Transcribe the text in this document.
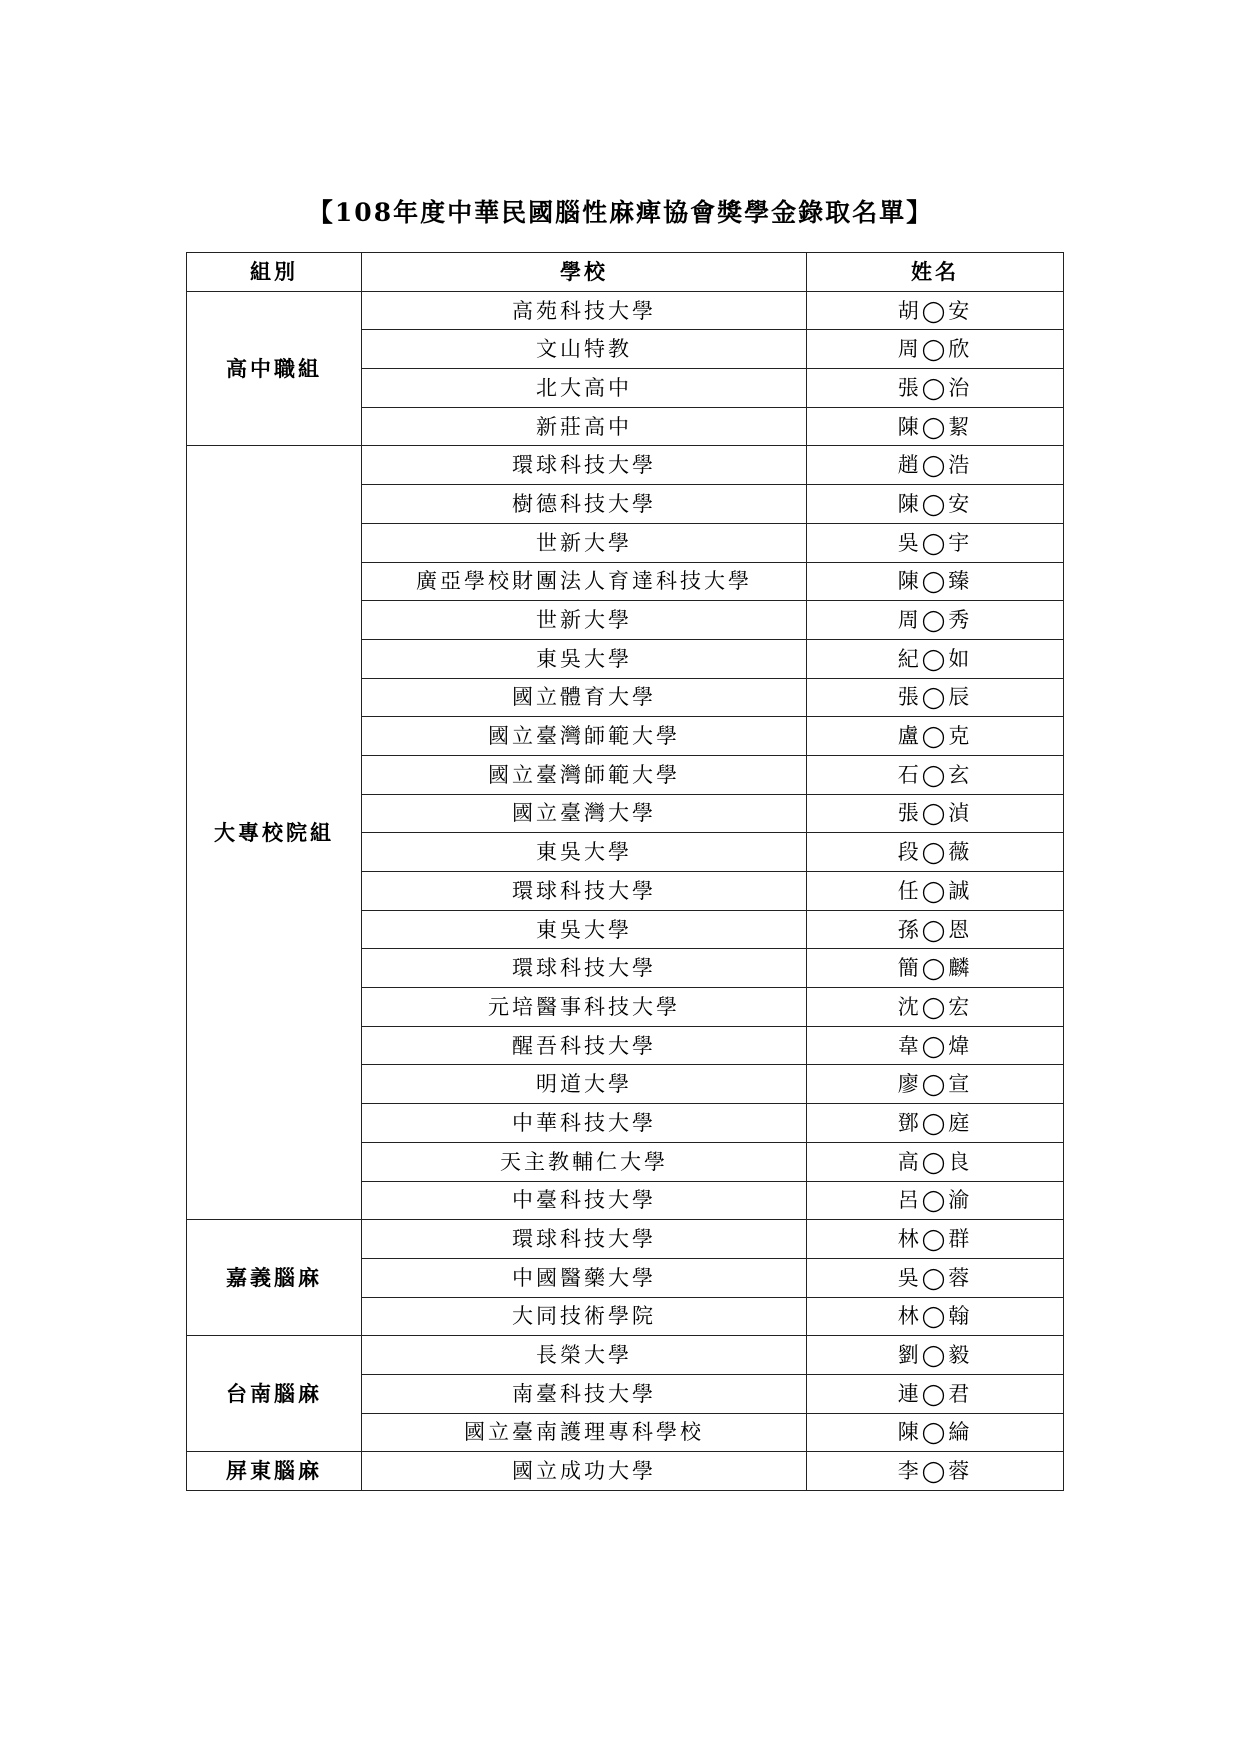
【108年度中華民國腦性麻痺協會獎學金錄取名單】
組別	學校	姓名
高中職組	高苑科技大學	胡◯安
	文山特教	周◯欣
	北大高中	張◯治
	新莊高中	陳◯絜
大專校院組	環球科技大學	趙◯浩
	樹德科技大學	陳◯安
	世新大學	吳◯宇
	廣亞學校財團法人育達科技大學	陳◯臻
	世新大學	周◯秀
	東吳大學	紀◯如
	國立體育大學	張◯辰
	國立臺灣師範大學	盧◯克
	國立臺灣師範大學	石◯玄
	國立臺灣大學	張◯湞
	東吳大學	段◯薇
	環球科技大學	任◯誠
	東吳大學	孫◯恩
	環球科技大學	簡◯麟
	元培醫事科技大學	沈◯宏
	醒吾科技大學	韋◯煒
	明道大學	廖◯宣
	中華科技大學	鄧◯庭
	天主教輔仁大學	高◯良
	中臺科技大學	呂◯渝
嘉義腦麻	環球科技大學	林◯群
	中國醫藥大學	吳◯蓉
	大同技術學院	林◯翰
台南腦麻	長榮大學	劉◯毅
	南臺科技大學	連◯君
	國立臺南護理專科學校	陳◯綸
屏東腦麻	國立成功大學	李◯蓉
